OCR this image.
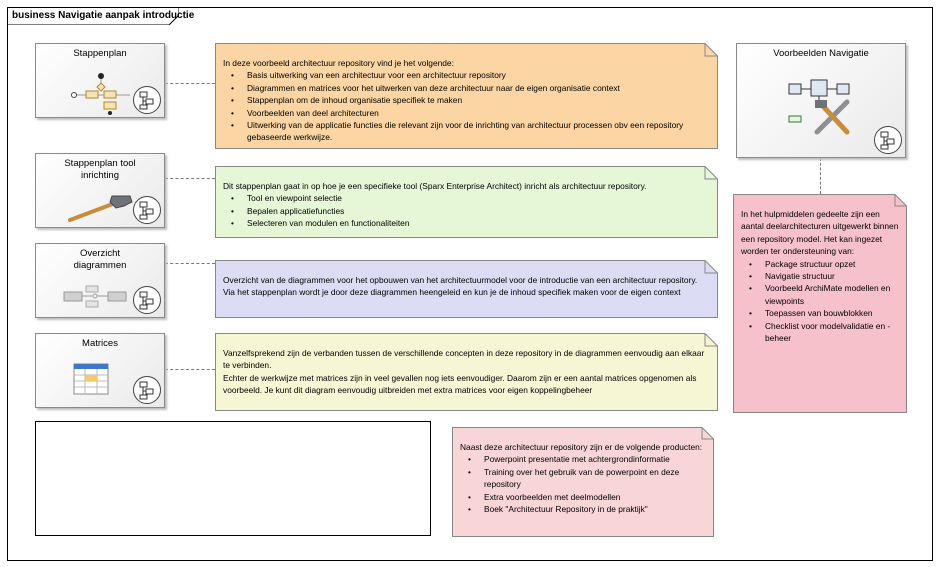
business Navigatie aanpak introductie
Stappenplan
Stappenplan tool inrichting
Overzicht diagrammen
Matrices
Voorbeelden Navigatie
In deze voorbeeld architectuur repository vind je het volgende:
• Basis uitwerking van een architectuur voor een architectuur repository
• Diagrammen en matrices voor het uitwerken van deze architectuur naar de eigen organisatie context
• Stappenplan om de inhoud organisatie specifiek te maken
• Voorbeelden van deel architecturen
• Uitwerking van de applicatie functies die relevant zijn voor de inrichting van architectuur processen obv een repository gebaseerde werkwijze.
Dit stappenplan gaat in op hoe je een specifieke tool (Sparx Enterprise Architect) inricht als architectuur repository.
• Tool en viewpoint selectie
• Bepalen applicatiefuncties
• Selecteren van modulen en functionaliteiten
Overzicht van de diagrammen voor het opbouwen van het architectuurmodel voor de introductie van een architectuur repository. Via het stappenplan wordt je door deze diagrammen heengeleid en kun je de inhoud specifiek maken voor de eigen context
Vanzelfsprekend zijn de verbanden tussen de verschillende concepten in deze repository in de diagrammen eenvoudig aan elkaar te verbinden.
Echter de werkwijze met matrices zijn in veel gevallen nog iets eenvoudiger. Daarom zijn er een aantal matrices opgenomen als voorbeeld. Je kunt dit diagram eenvoudig uitbreiden met extra matrices voor eigen koppelingbeheer
In het hulpmiddelen gedeelte zijn een aantal deelarchitecturen uitgewerkt binnen een repository model. Het kan ingezet worden ter ondersteuning van:
• Package structuur opzet
• Navigatie structuur
• Voorbeeld ArchiMate modellen en viewpoints
• Toepassen van bouwblokken
• Checklist voor modelvalidatie en -beheer
Naast deze architectuur repository zijn er de volgende producten:
• Powerpoint presentatie met achtergrondinformatie
• Training over het gebruik van de powerpoint en deze repository
• Extra voorbeelden met deelmodellen
• Boek "Architectuur Repository in de praktijk"
